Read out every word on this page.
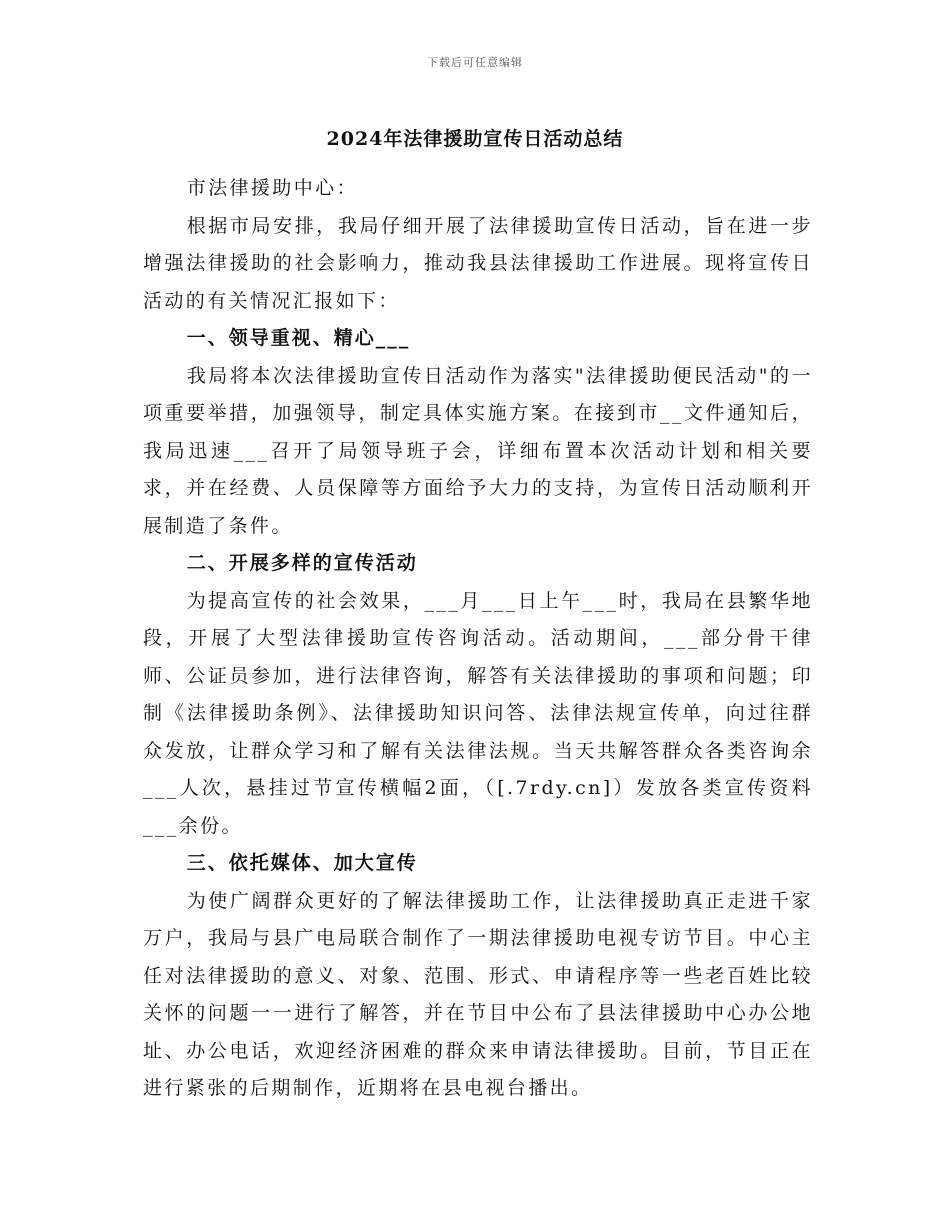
下载后可任意编辑
2024年法律援助宣传日活动总结

市法律援助中心：

根据市局安排，我局仔细开展了法律援助宣传日活动，旨在进一步增强法律援助的社会影响力，推动我县法律援助工作进展。现将宣传日活动的有关情况汇报如下：

一、领导重视、精心___

我局将本次法律援助宣传日活动作为落实"法律援助便民活动"的一项重要举措，加强领导，制定具体实施方案。在接到市__文件通知后，我局迅速___召开了局领导班子会，详细布置本次活动计划和相关要求，并在经费、人员保障等方面给予大力的支持，为宣传日活动顺利开展制造了条件。

二、开展多样的宣传活动

为提高宣传的社会效果，___月___日上午___时，我局在县繁华地段，开展了大型法律援助宣传咨询活动。活动期间，___部分骨干律师、公证员参加，进行法律咨询，解答有关法律援助的事项和问题；印制《法律援助条例》、法律援助知识问答、法律法规宣传单，向过往群众发放，让群众学习和了解有关法律法规。当天共解答群众各类咨询余___人次，悬挂过节宣传横幅2面，（[.7rdy.cn]）发放各类宣传资料___余份。

三、依托媒体、加大宣传

为使广阔群众更好的了解法律援助工作，让法律援助真正走进千家万户，我局与县广电局联合制作了一期法律援助电视专访节目。中心主任对法律援助的意义、对象、范围、形式、申请程序等一些老百姓比较关怀的问题一一进行了解答，并在节目中公布了县法律援助中心办公地址、办公电话，欢迎经济困难的群众来申请法律援助。目前，节目正在进行紧张的后期制作，近期将在县电视台播出。
